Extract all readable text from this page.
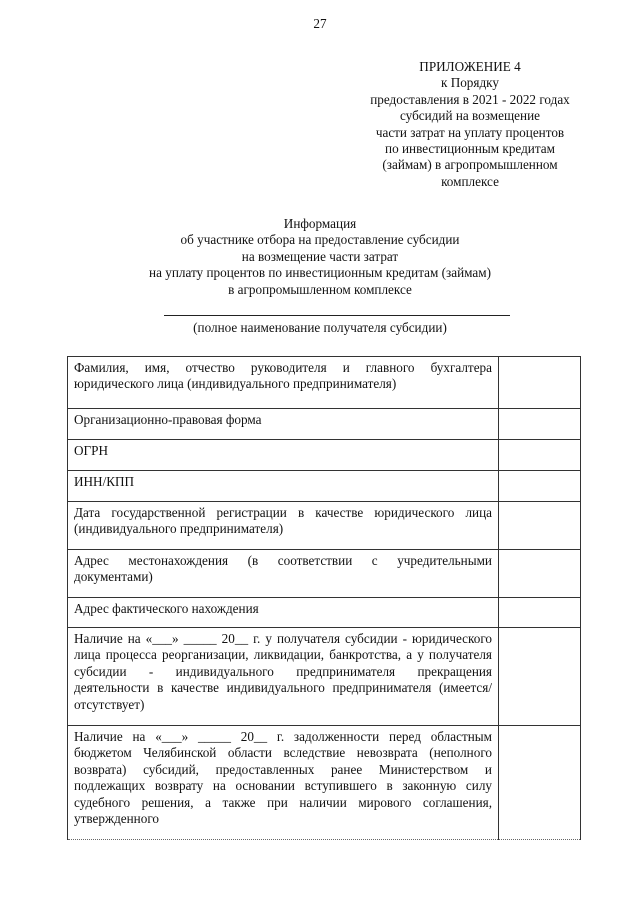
27
ПРИЛОЖЕНИЕ 4
к Порядку
предоставления в 2021 - 2022 годах
субсидий на возмещение
части затрат на уплату процентов
по инвестиционным кредитам
(займам) в агропромышленном
комплексе
Информация
об участнике отбора на предоставление субсидии
на возмещение части затрат
на уплату процентов по инвестиционным кредитам (займам)
в агропромышленном комплексе
(полное наименование получателя субсидии)
Фамилия, имя, отчество руководителя и главного бухгалтера юридического лица (индивидуального предпринимателя)	

Организационно-правовая форма	

ОГРН	

ИНН/КПП	

Дата государственной регистрации в качестве юридического лица (индивидуального предпринимателя)	

Адрес местонахождения (в соответствии с учредительными документами)	

Адрес фактического нахождения	

Наличие на «___» _____ 20__ г. у получателя субсидии - юридического лица процесса реорганизации, ликвидации, банкротства, а у получателя субсидии - индивидуального предпринимателя прекращения деятельности в качестве индивидуального предпринимателя (имеется/отсутствует)	

Наличие на «___» _____ 20__ г. задолженности перед областным бюджетом Челябинской области вследствие невозврата (неполного возврата) субсидий, предоставленных ранее Министерством и подлежащих возврату на основании вступившего в законную силу судебного решения, а также при наличии мирового соглашения, утвержденного	
